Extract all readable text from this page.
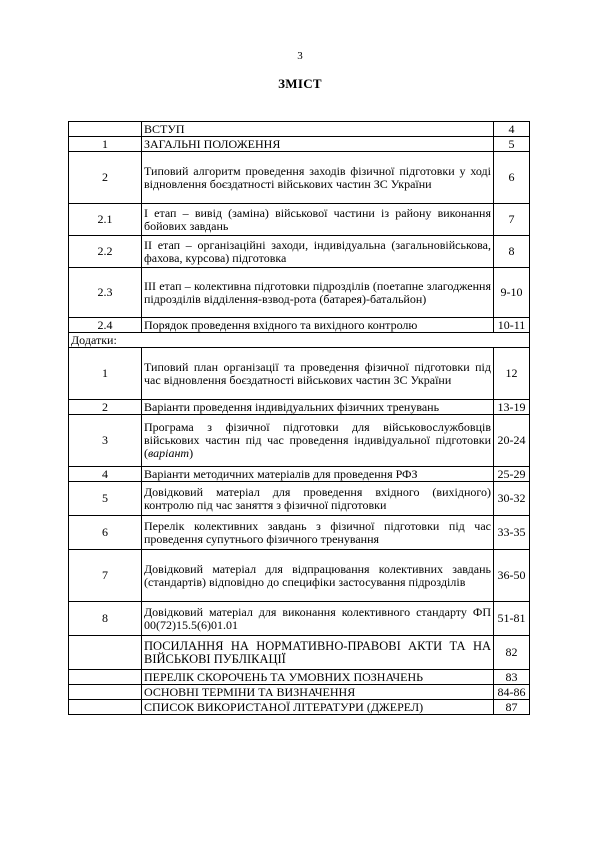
3
ЗМІСТ
	ВСТУП	4
1	ЗАГАЛЬНІ ПОЛОЖЕННЯ	5
2	Типовий алгоритм проведення заходів фізичної підготовки у ході відновлення боєздатності військових частин ЗС України	6
2.1	I етап – вивід (заміна) військової частини із району виконання бойових завдань	7
2.2	II етап – організаційні заходи, індивідуальна (загальновійськова, фахова, курсова) підготовка	8
2.3	III етап – колективна підготовки підрозділів (поетапне злагодження підрозділів відділення-взвод-рота (батарея)-батальйон)	9-10
2.4	Порядок проведення вхідного та вихідного контролю	10-11
Додатки:		
1	Типовий план організації та проведення фізичної підготовки під час відновлення боєздатності військових частин ЗС України	12
2	Варіанти проведення індивідуальних фізичних тренувань	13-19
3	Програма з фізичної підготовки для військовослужбовців військових частин під час проведення індивідуальної підготовки (варіант)	20-24
4	Варіанти методичних матеріалів для проведення РФЗ	25-29
5	Довідковий матеріал для проведення вхідного (вихідного) контролю під час заняття з фізичної підготовки	30-32
6	Перелік колективних завдань з фізичної підготовки під час проведення супутнього фізичного тренування	33-35
7	Довідковий матеріал для відпрацювання колективних завдань (стандартів) відповідно до специфіки застосування підрозділів	36-50
8	Довідковий матеріал для виконання колективного стандарту ФП 00(72)15.5(6)01.01	51-81
	ПОСИЛАННЯ НА НОРМАТИВНО-ПРАВОВІ АКТИ ТА НА ВІЙСЬКОВІ ПУБЛІКАЦІЇ	82
	ПЕРЕЛІК СКОРОЧЕНЬ ТА УМОВНИХ ПОЗНАЧЕНЬ	83
	ОСНОВНІ ТЕРМІНИ ТА ВИЗНАЧЕННЯ	84-86
	СПИСОК ВИКОРИСТАНОЇ ЛІТЕРАТУРИ (ДЖЕРЕЛ)	87
